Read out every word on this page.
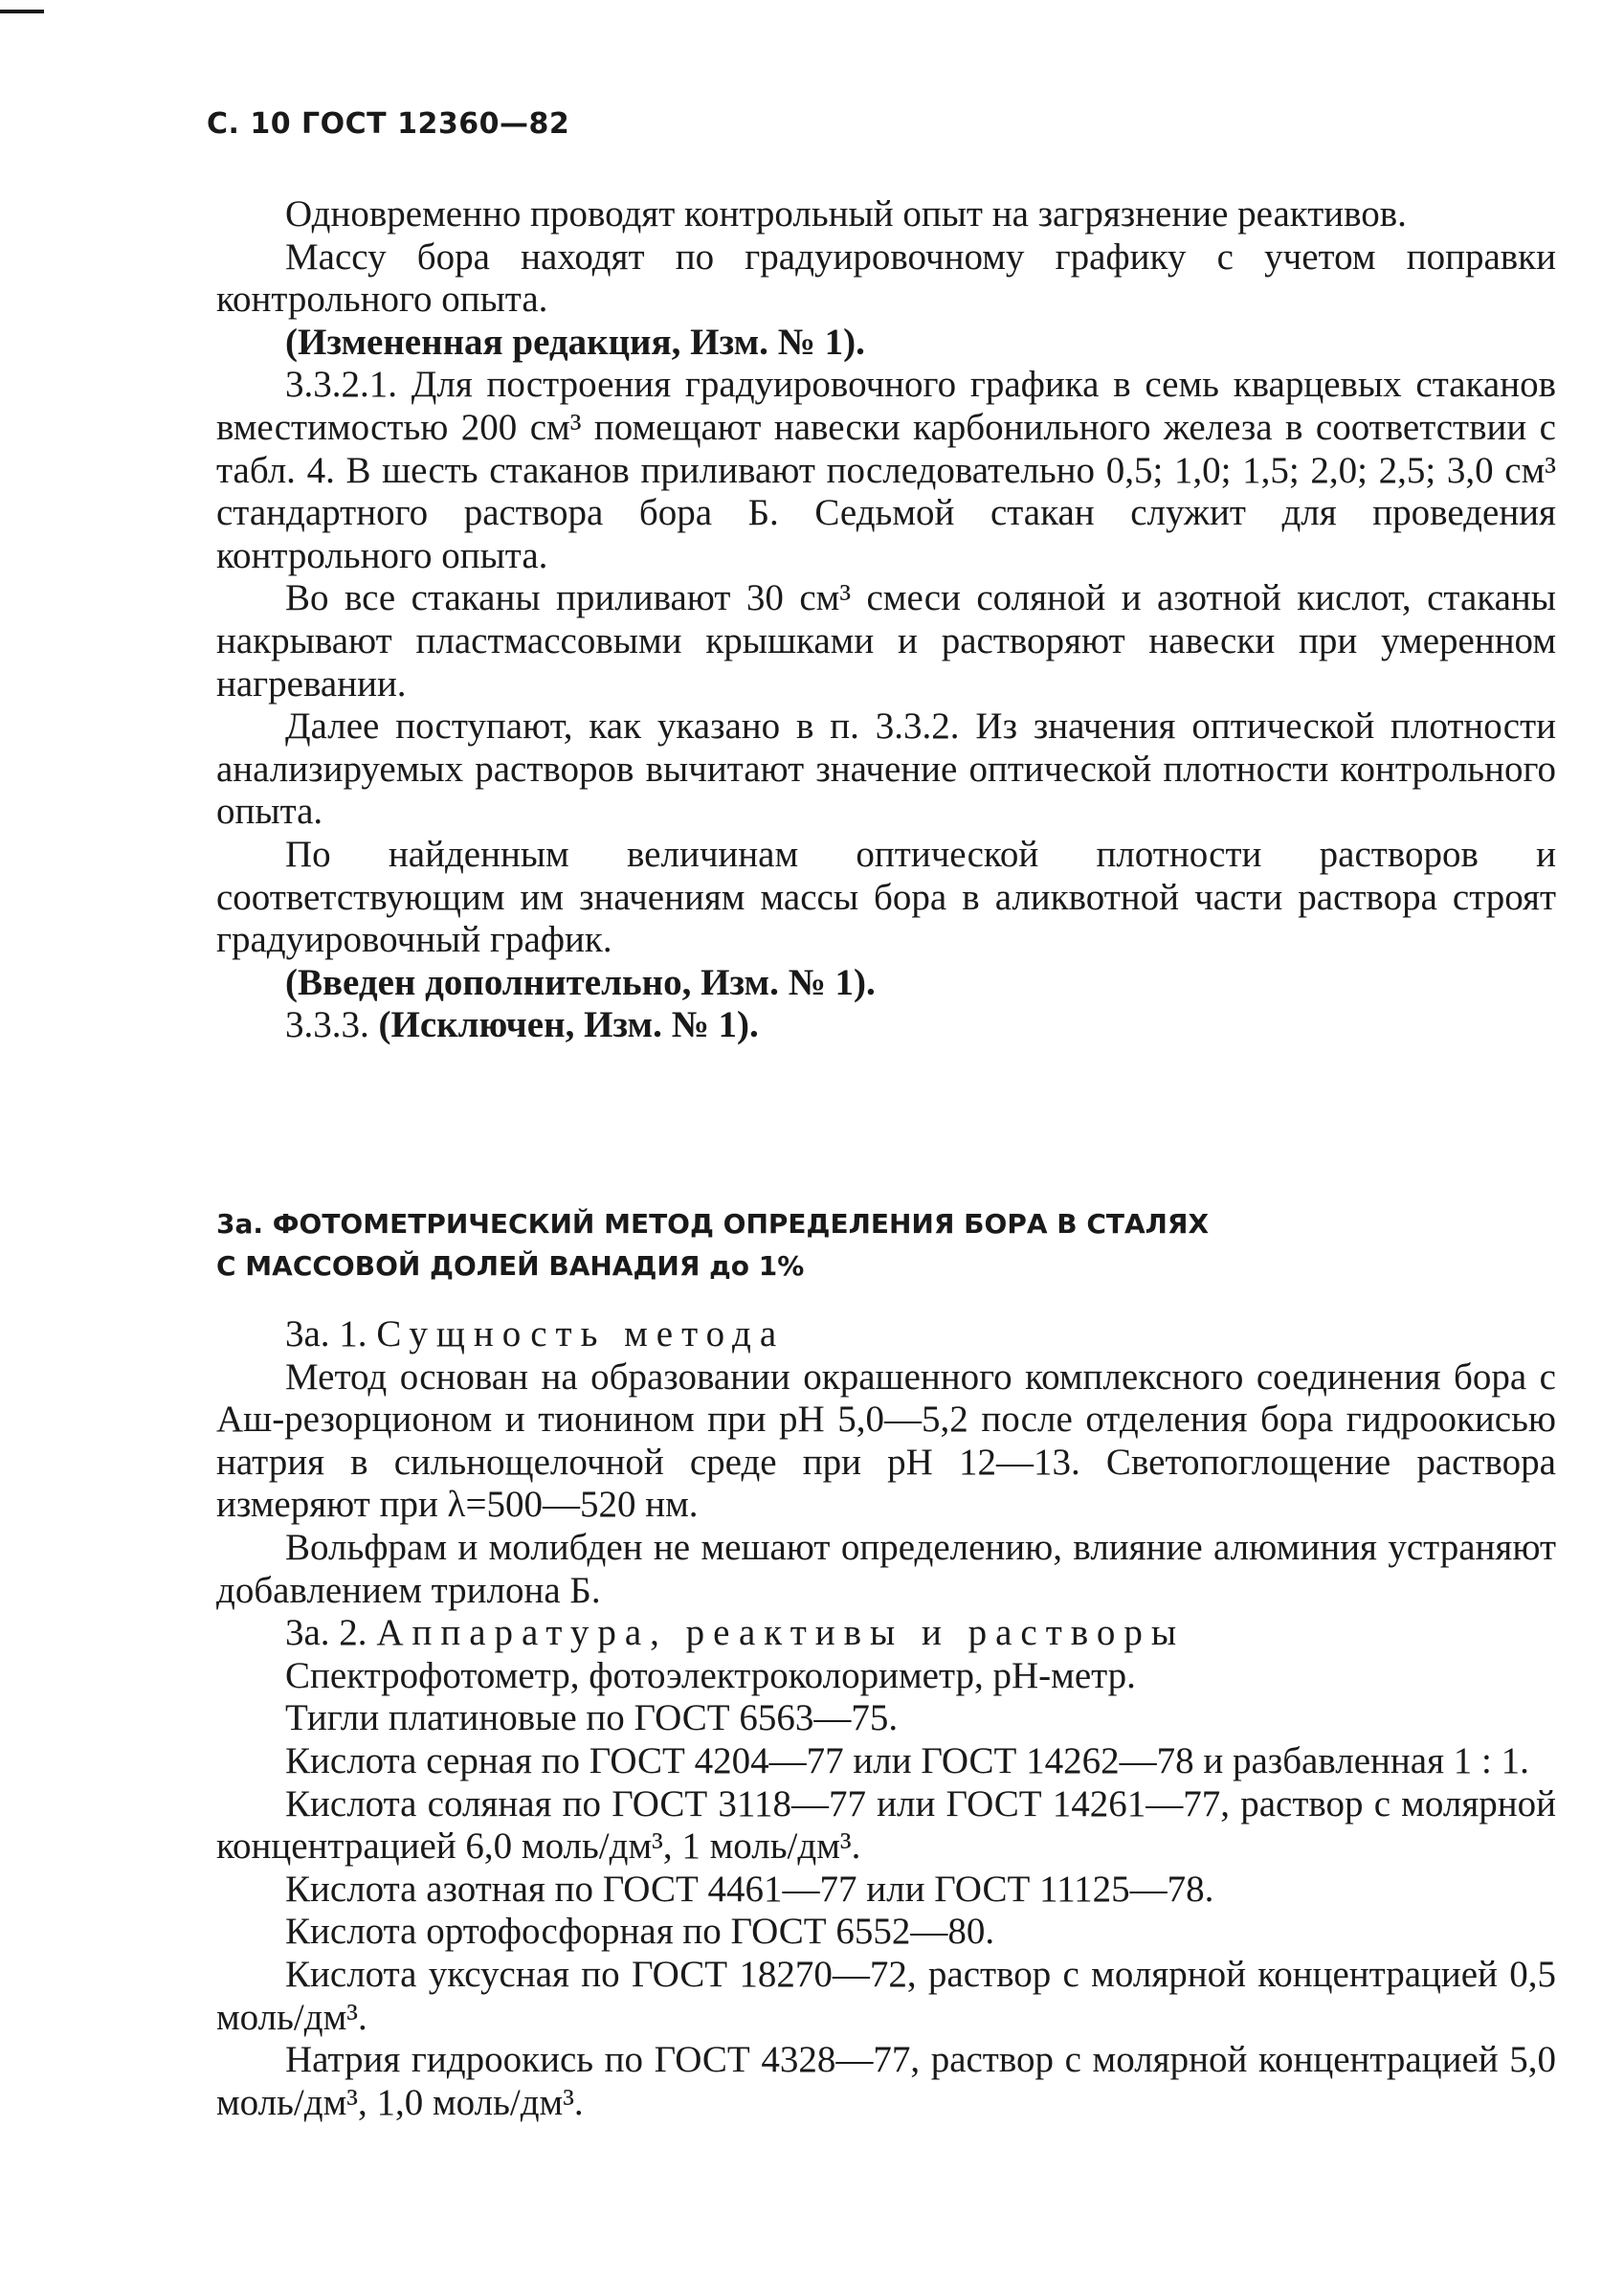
С. 10 ГОСТ 12360—82

Одновременно проводят контрольный опыт на загрязнение реактивов.

Массу бора находят по градуировочному графику с учетом поправки контрольного опыта.

(Измененная редакция, Изм. № 1).

3.3.2.1. Для построения градуировочного графика в семь кварцевых стаканов вместимостью 200 см³ помещают навески карбонильного железа в соответствии с табл. 4. В шесть стаканов приливают последовательно 0,5; 1,0; 1,5; 2,0; 2,5; 3,0 см³ стандартного раствора бора Б. Седьмой стакан служит для проведения контрольного опыта.

Во все стаканы приливают 30 см³ смеси соляной и азотной кислот, стаканы накрывают пластмассовыми крышками и растворяют навески при умеренном нагревании.

Далее поступают, как указано в п. 3.3.2. Из значения оптической плотности анализируемых растворов вычитают значение оптической плотности контрольного опыта.

По найденным величинам оптической плотности растворов и соответствующим им значениям массы бора в аликвотной части раствора строят градуировочный график.

(Введен дополнительно, Изм. № 1).

3.3.3. (Исключен, Изм. № 1).

3а. ФОТОМЕТРИЧЕСКИЙ МЕТОД ОПРЕДЕЛЕНИЯ БОРА В СТАЛЯХ

С МАССОВОЙ ДОЛЕЙ ВАНАДИЯ до 1%

3а. 1. Сущность метода

Метод основан на образовании окрашенного комплексного соединения бора с Аш-резорционом и тионином при pH 5,0—5,2 после отделения бора гидроокисью натрия в сильнощелочной среде при pH 12—13. Светопоглощение раствора измеряют при λ=500—520 нм.

Вольфрам и молибден не мешают определению, влияние алюминия устраняют добавлением трилона Б.

3а. 2. Аппаратура, реактивы и растворы

Спектрофотометр, фотоэлектроколориметр, pH-метр.

Тигли платиновые по ГОСТ 6563—75.

Кислота серная по ГОСТ 4204—77 или ГОСТ 14262—78 и разбавленная 1 : 1.

Кислота соляная по ГОСТ 3118—77 или ГОСТ 14261—77, раствор с молярной концентрацией 6,0 моль/дм³, 1 моль/дм³.

Кислота азотная по ГОСТ 4461—77 или ГОСТ 11125—78.

Кислота ортофосфорная по ГОСТ 6552—80.

Кислота уксусная по ГОСТ 18270—72, раствор с молярной концентрацией 0,5 моль/дм³.

Натрия гидроокись по ГОСТ 4328—77, раствор с молярной концентрацией 5,0 моль/дм³, 1,0 моль/дм³.
